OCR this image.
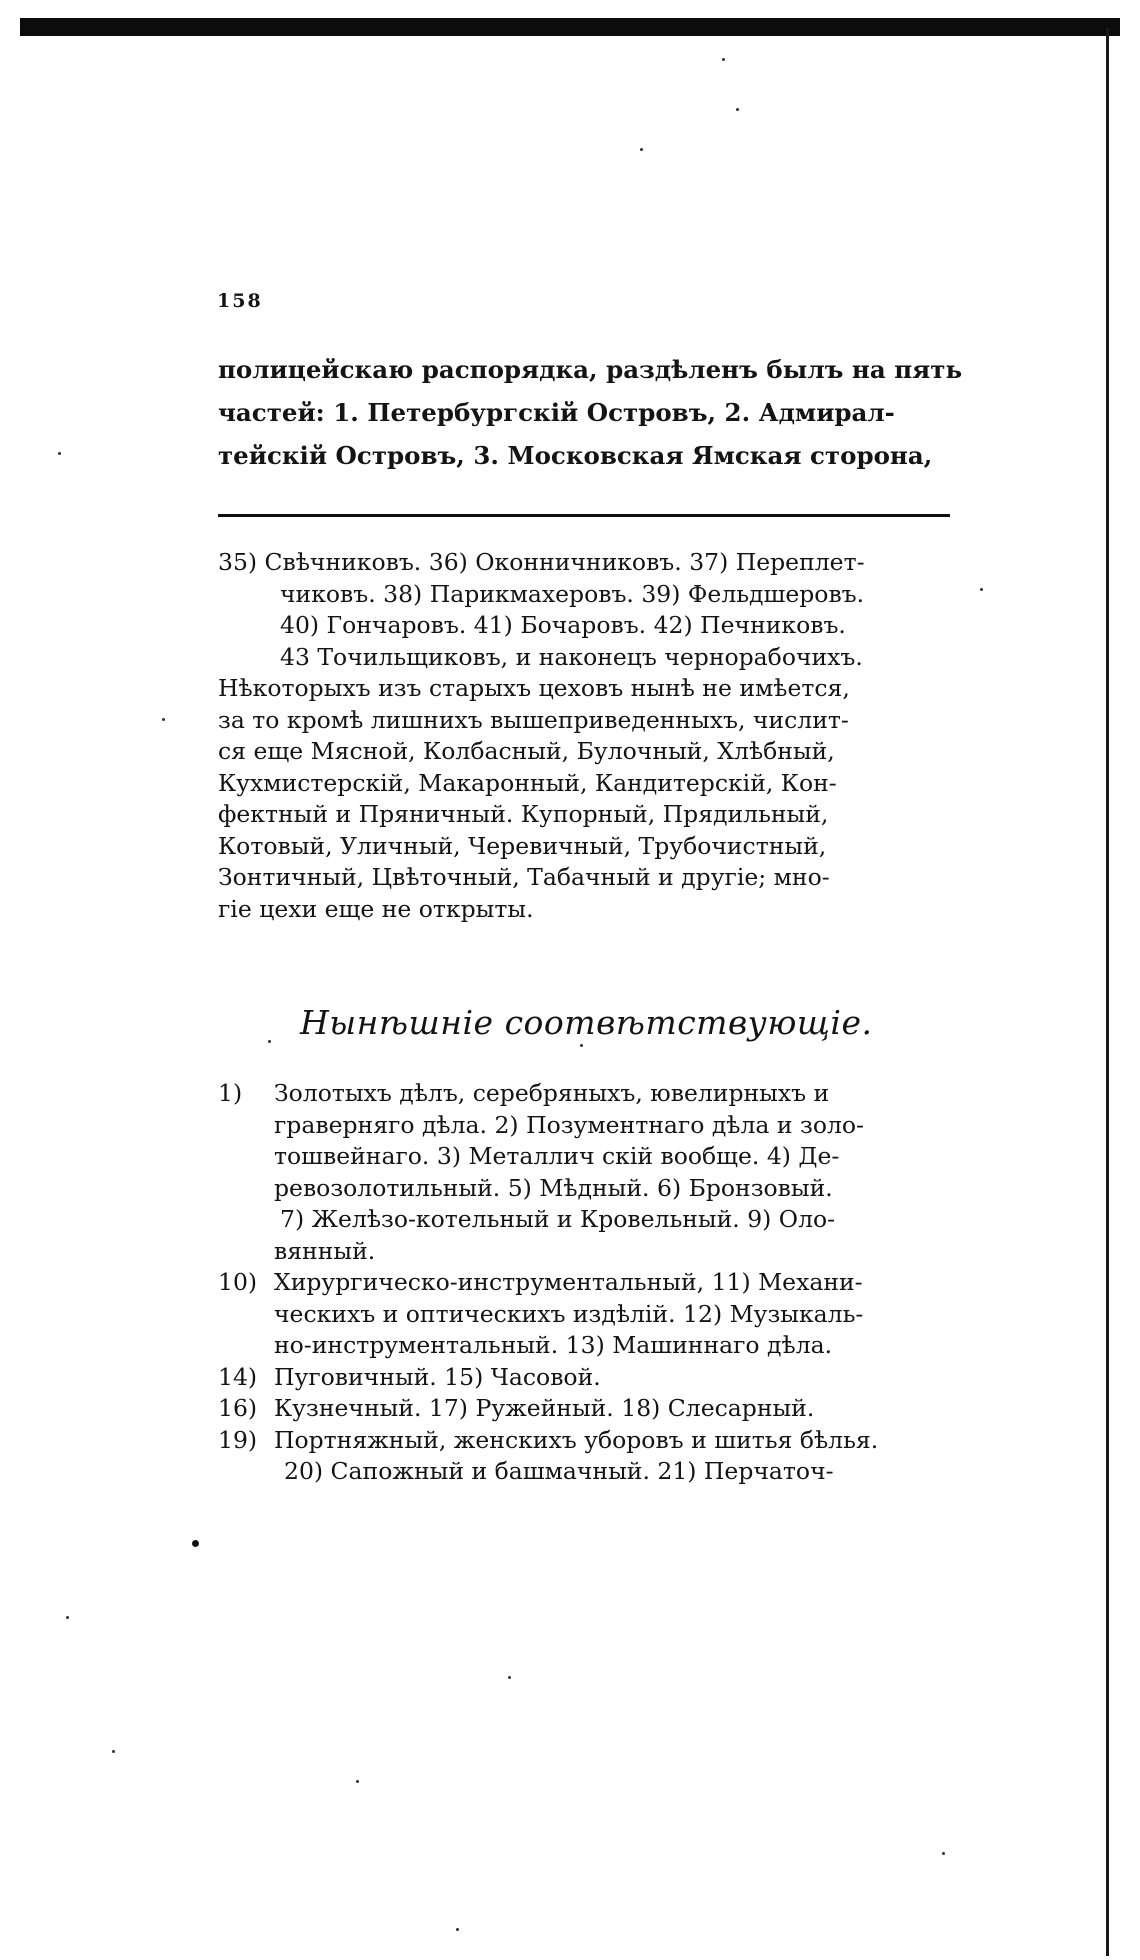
158
полицейскаю распорядка, раздѣленъ былъ на пять
частей: 1. Петербургскій Островъ, 2. Адмирал-
тейскій Островъ, 3. Московская Ямская сторона,
35) Свѣчниковъ. 36) Оконничниковъ. 37) Переплет-
чиковъ. 38) Парикмахеровъ. 39) Фельдшеровъ.
40) Гончаровъ. 41) Бочаровъ. 42) Печниковъ.
43 Точильщиковъ, и наконецъ чернорабочихъ.
Нѣкоторыхъ изъ старыхъ цеховъ нынѣ не имѣется,
за то кромѣ лишнихъ вышеприведенныхъ, числит-
ся еще Мясной, Колбасный, Булочный, Хлѣбный,
Кухмистерскій, Макаронный, Кандитерскій, Кон-
фектный и Пряничный. Купорный, Прядильный,
Котовый, Уличный, Черевичный, Трубочистный,
Зонтичный, Цвѣточный, Табачный и другіе; мно-
гіе цехи еще не открыты.
Нынѣшніе соотвѣтствующіе.
1) Золотыхъ дѣлъ, серебряныхъ, ювелирныхъ и
граверняго дѣла. 2) Позументнаго дѣла и золо-
тошвейнаго. 3) Металлич скій вообще. 4) Де-
ревозолотильный. 5) Мѣдный. 6) Бронзовый.
7) Желѣзо-котельный и Кровельный. 9) Оло-
вянный.
10) Хирургическо-инструментальный, 11) Механи-
ческихъ и оптическихъ издѣлій. 12) Музыкаль-
но-инструментальный. 13) Машиннаго дѣла.
14) Пуговичный. 15) Часовой.
16) Кузнечный. 17) Ружейный. 18) Слесарный.
19) Портняжный, женскихъ уборовъ и шитья бѣлья.
20) Сапожный и башмачный. 21) Перчаточ-
